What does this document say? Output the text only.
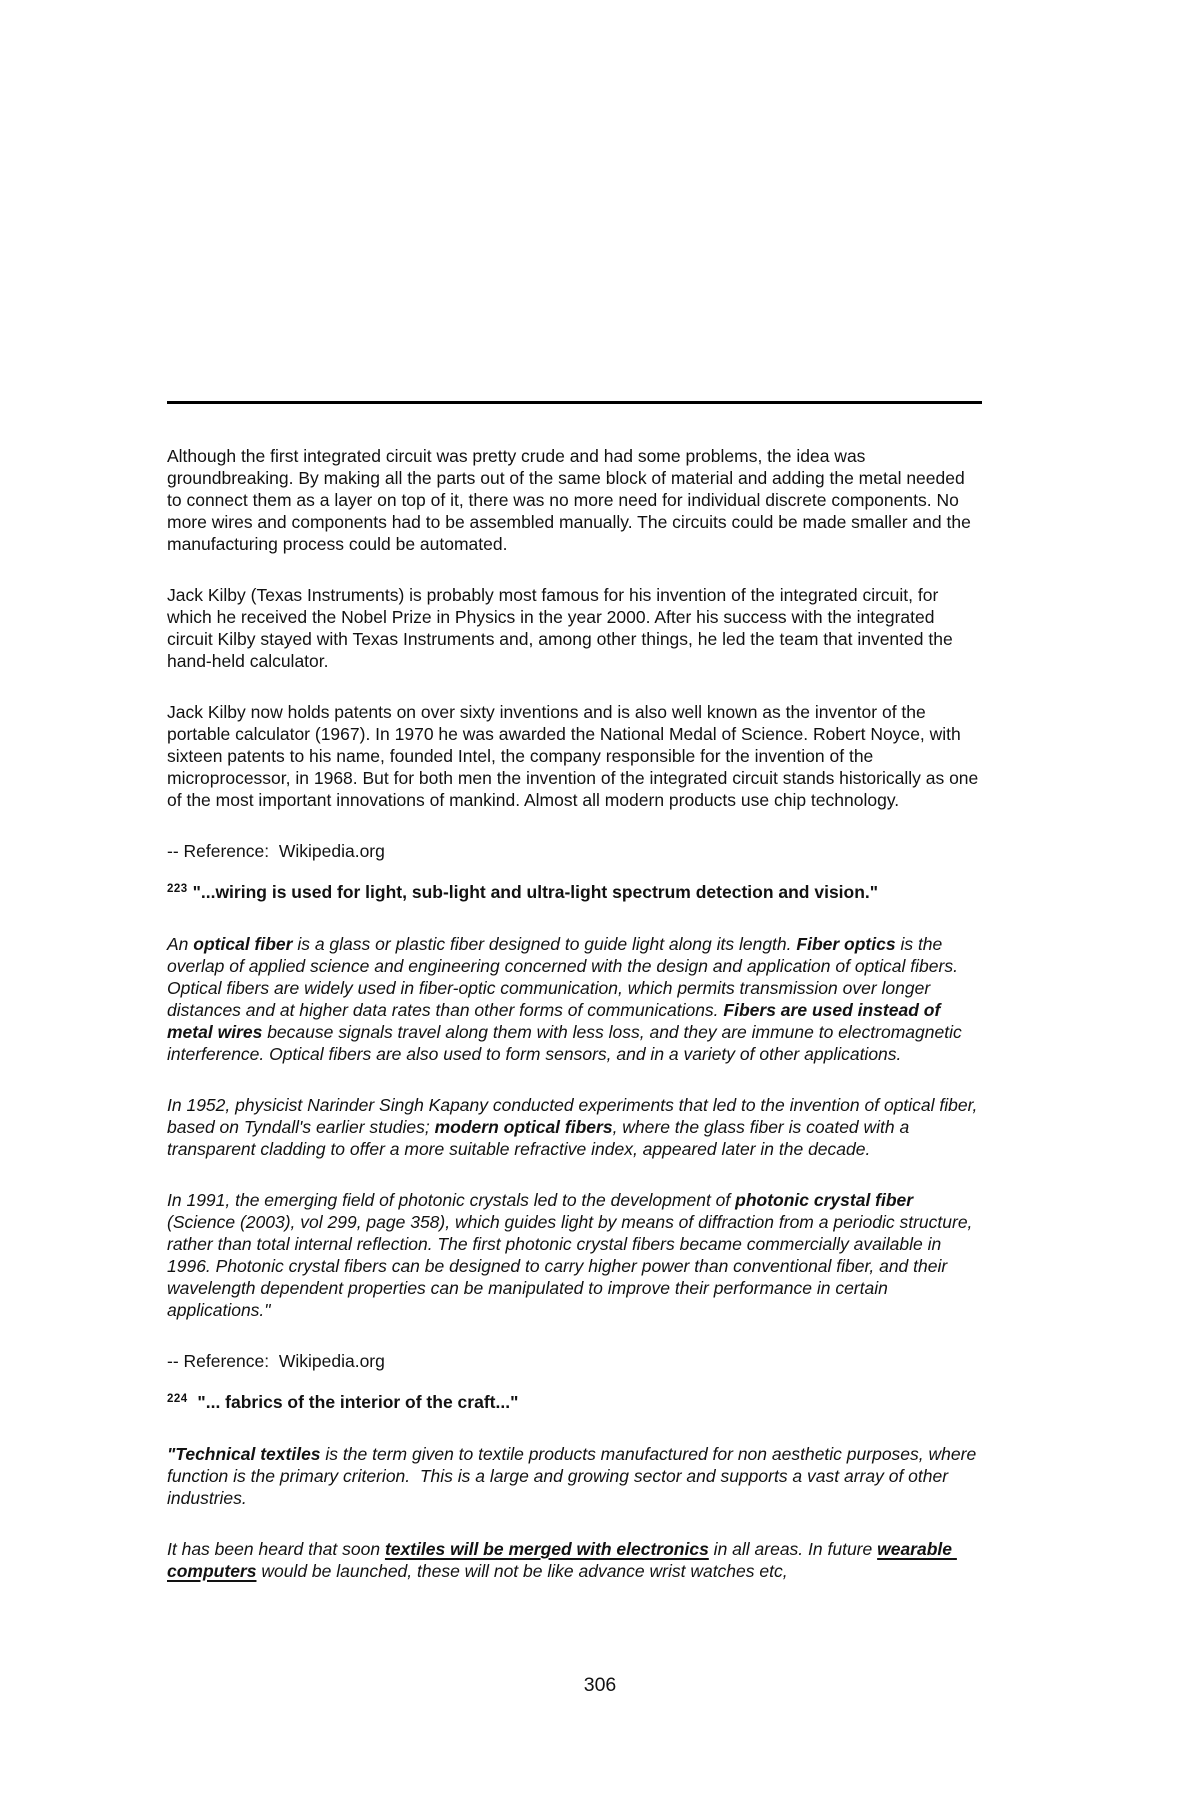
Although the first integrated circuit was pretty crude and had some problems, the idea was groundbreaking. By making all the parts out of the same block of material and adding the metal needed to connect them as a layer on top of it, there was no more need for individual discrete components. No more wires and components had to be assembled manually. The circuits could be made smaller and the manufacturing process could be automated.

Jack Kilby (Texas Instruments) is probably most famous for his invention of the integrated circuit, for which he received the Nobel Prize in Physics in the year 2000. After his success with the integrated circuit Kilby stayed with Texas Instruments and, among other things, he led the team that invented the hand-held calculator.

Jack Kilby now holds patents on over sixty inventions and is also well known as the inventor of the portable calculator (1967). In 1970 he was awarded the National Medal of Science. Robert Noyce, with sixteen patents to his name, founded Intel, the company responsible for the invention of the microprocessor, in 1968. But for both men the invention of the integrated circuit stands historically as one of the most important innovations of mankind. Almost all modern products use chip technology.

-- Reference:  Wikipedia.org

$^{223}$ "...wiring is used for light, sub-light and ultra-light spectrum detection and vision."

An optical fiber is a glass or plastic fiber designed to guide light along its length. Fiber optics is the overlap of applied science and engineering concerned with the design and application of optical fibers. Optical fibers are widely used in fiber-optic communication, which permits transmission over longer distances and at higher data rates than other forms of communications. Fibers are used instead of metal wires because signals travel along them with less loss, and they are immune to electromagnetic interference. Optical fibers are also used to form sensors, and in a variety of other applications.

In 1952, physicist Narinder Singh Kapany conducted experiments that led to the invention of optical fiber, based on Tyndall's earlier studies; modern optical fibers, where the glass fiber is coated with a transparent cladding to offer a more suitable refractive index, appeared later in the decade.

In 1991, the emerging field of photonic crystals led to the development of photonic crystal fiber (Science (2003), vol 299, page 358), which guides light by means of diffraction from a periodic structure, rather than total internal reflection. The first photonic crystal fibers became commercially available in 1996. Photonic crystal fibers can be designed to carry higher power than conventional fiber, and their wavelength dependent properties can be manipulated to improve their performance in certain applications."

-- Reference:  Wikipedia.org

$^{224}$ "... fabrics of the interior of the craft..."

"Technical textiles is the term given to textile products manufactured for non aesthetic purposes, where function is the primary criterion.  This is a large and growing sector and supports a vast array of other industries.

It has been heard that soon textiles will be merged with electronics in all areas. In future wearable computers would be launched, these will not be like advance wrist watches etc,

306
